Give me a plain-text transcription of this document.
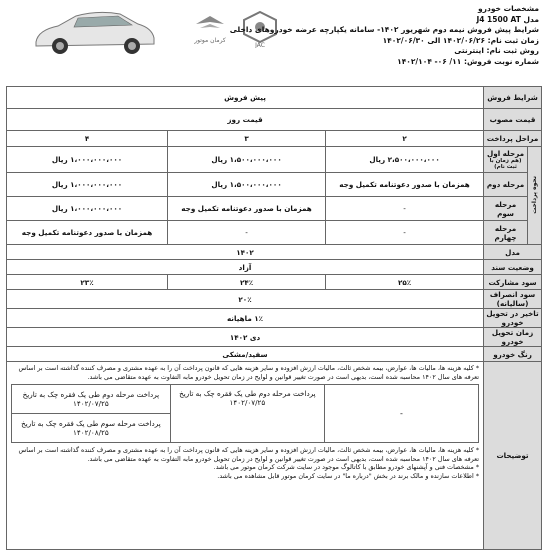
کرمان موتور
JAC
مشخصات خودرو
مدل J4 1500 AT
شرایط پیش فروش نیمه دوم شهریور ۱۴۰۲- سامانه یکپارچه عرضه خودروهای داخلی
زمان ثبت نام: ۱۴۰۲/۰۶/۲۶ الی ۱۴۰۲/۰۶/۳۰
روش ثبت نام: اینترنتی
شماره نوبت فروش: ۱۱/ ۰۶- ۱۴۰۲/۱۰۴
شرایط فروش	پیش فروش
قیمت مصوب	قیمت روز
مراحل پرداخت	۲	۳	۴
نحوه پرداخت	
مرحله اول
(هم زمان با ثبت نام)
	۲،۵۰۰،۰۰۰،۰۰۰ ریال	۱،۵۰۰،۰۰۰،۰۰۰ ریال	۱،۰۰۰،۰۰۰،۰۰۰ ریال
مرحله دوم	همزمان با صدور دعوتنامه تکمیل وجه	۱،۵۰۰،۰۰۰،۰۰۰ ریال	۱،۰۰۰،۰۰۰،۰۰۰ ریال
مرحله سوم	-	همزمان با صدور دعوتنامه تکمیل وجه	۱،۰۰۰،۰۰۰،۰۰۰ ریال
مرحله چهارم	-	-	همزمان با صدور دعوتنامه تکمیل وجه
مدل	۱۴۰۲
وضعیت سند	آزاد
سود مشارکت	۲۵٪	۲۴٪	۲۳٪
سود انصراف (سالیانه)	۲۰٪
تاخیر در تحویل خودرو	۱٪ ماهیانه
زمان تحویل خودرو	دی ۱۴۰۲
رنگ خودرو	سفید/مشکی
توضیحات	
* کلیه هزینه ها، مالیات ها، عوارض، بیمه شخص ثالث، مالیات ارزش افزوده و سایر هزینه هایی که قانون پرداخت آن را به عهده مشتری و مصرف کننده گذاشته است بر اساس تعرفه های سال ۱۴۰۲ محاسبه شده است، بدیهی است در صورت تغییر قوانین و لوایح در زمان تحویل خودرو مابه التفاوت به عهده متقاضی می باشد.
-	پرداخت مرحله دوم طی یک فقره چک به تاریخ ۱۴۰۲/۰۷/۲۵	پرداخت مرحله دوم طی یک فقره چک به تاریخ ۱۴۰۲/۰۷/۲۵
پرداخت مرحله سوم طی یک فقره چک به تاریخ ۱۴۰۲/۰۸/۲۵
* کلیه هزینه ها، مالیات ها، عوارض، بیمه شخص ثالث، مالیات ارزش افزوده و سایر هزینه هایی که قانون پرداخت آن را به عهده مشتری و مصرف کننده گذاشته است بر اساس تعرفه های سال ۱۴۰۲ محاسبه شده است، بدیهی است در صورت تغییر قوانین و لوایح در زمان تحویل خودرو مابه التفاوت به عهده متقاضی می باشد.
* مشخصات فنی و آپشنهای خودرو مطابق با کاتالوگ موجود در سایت شرکت کرمان موتور می باشد.
* اطلاعات سازنده و مالک برند در بخش "درباره ما" در سایت کرمان موتور قابل مشاهده می باشد.
